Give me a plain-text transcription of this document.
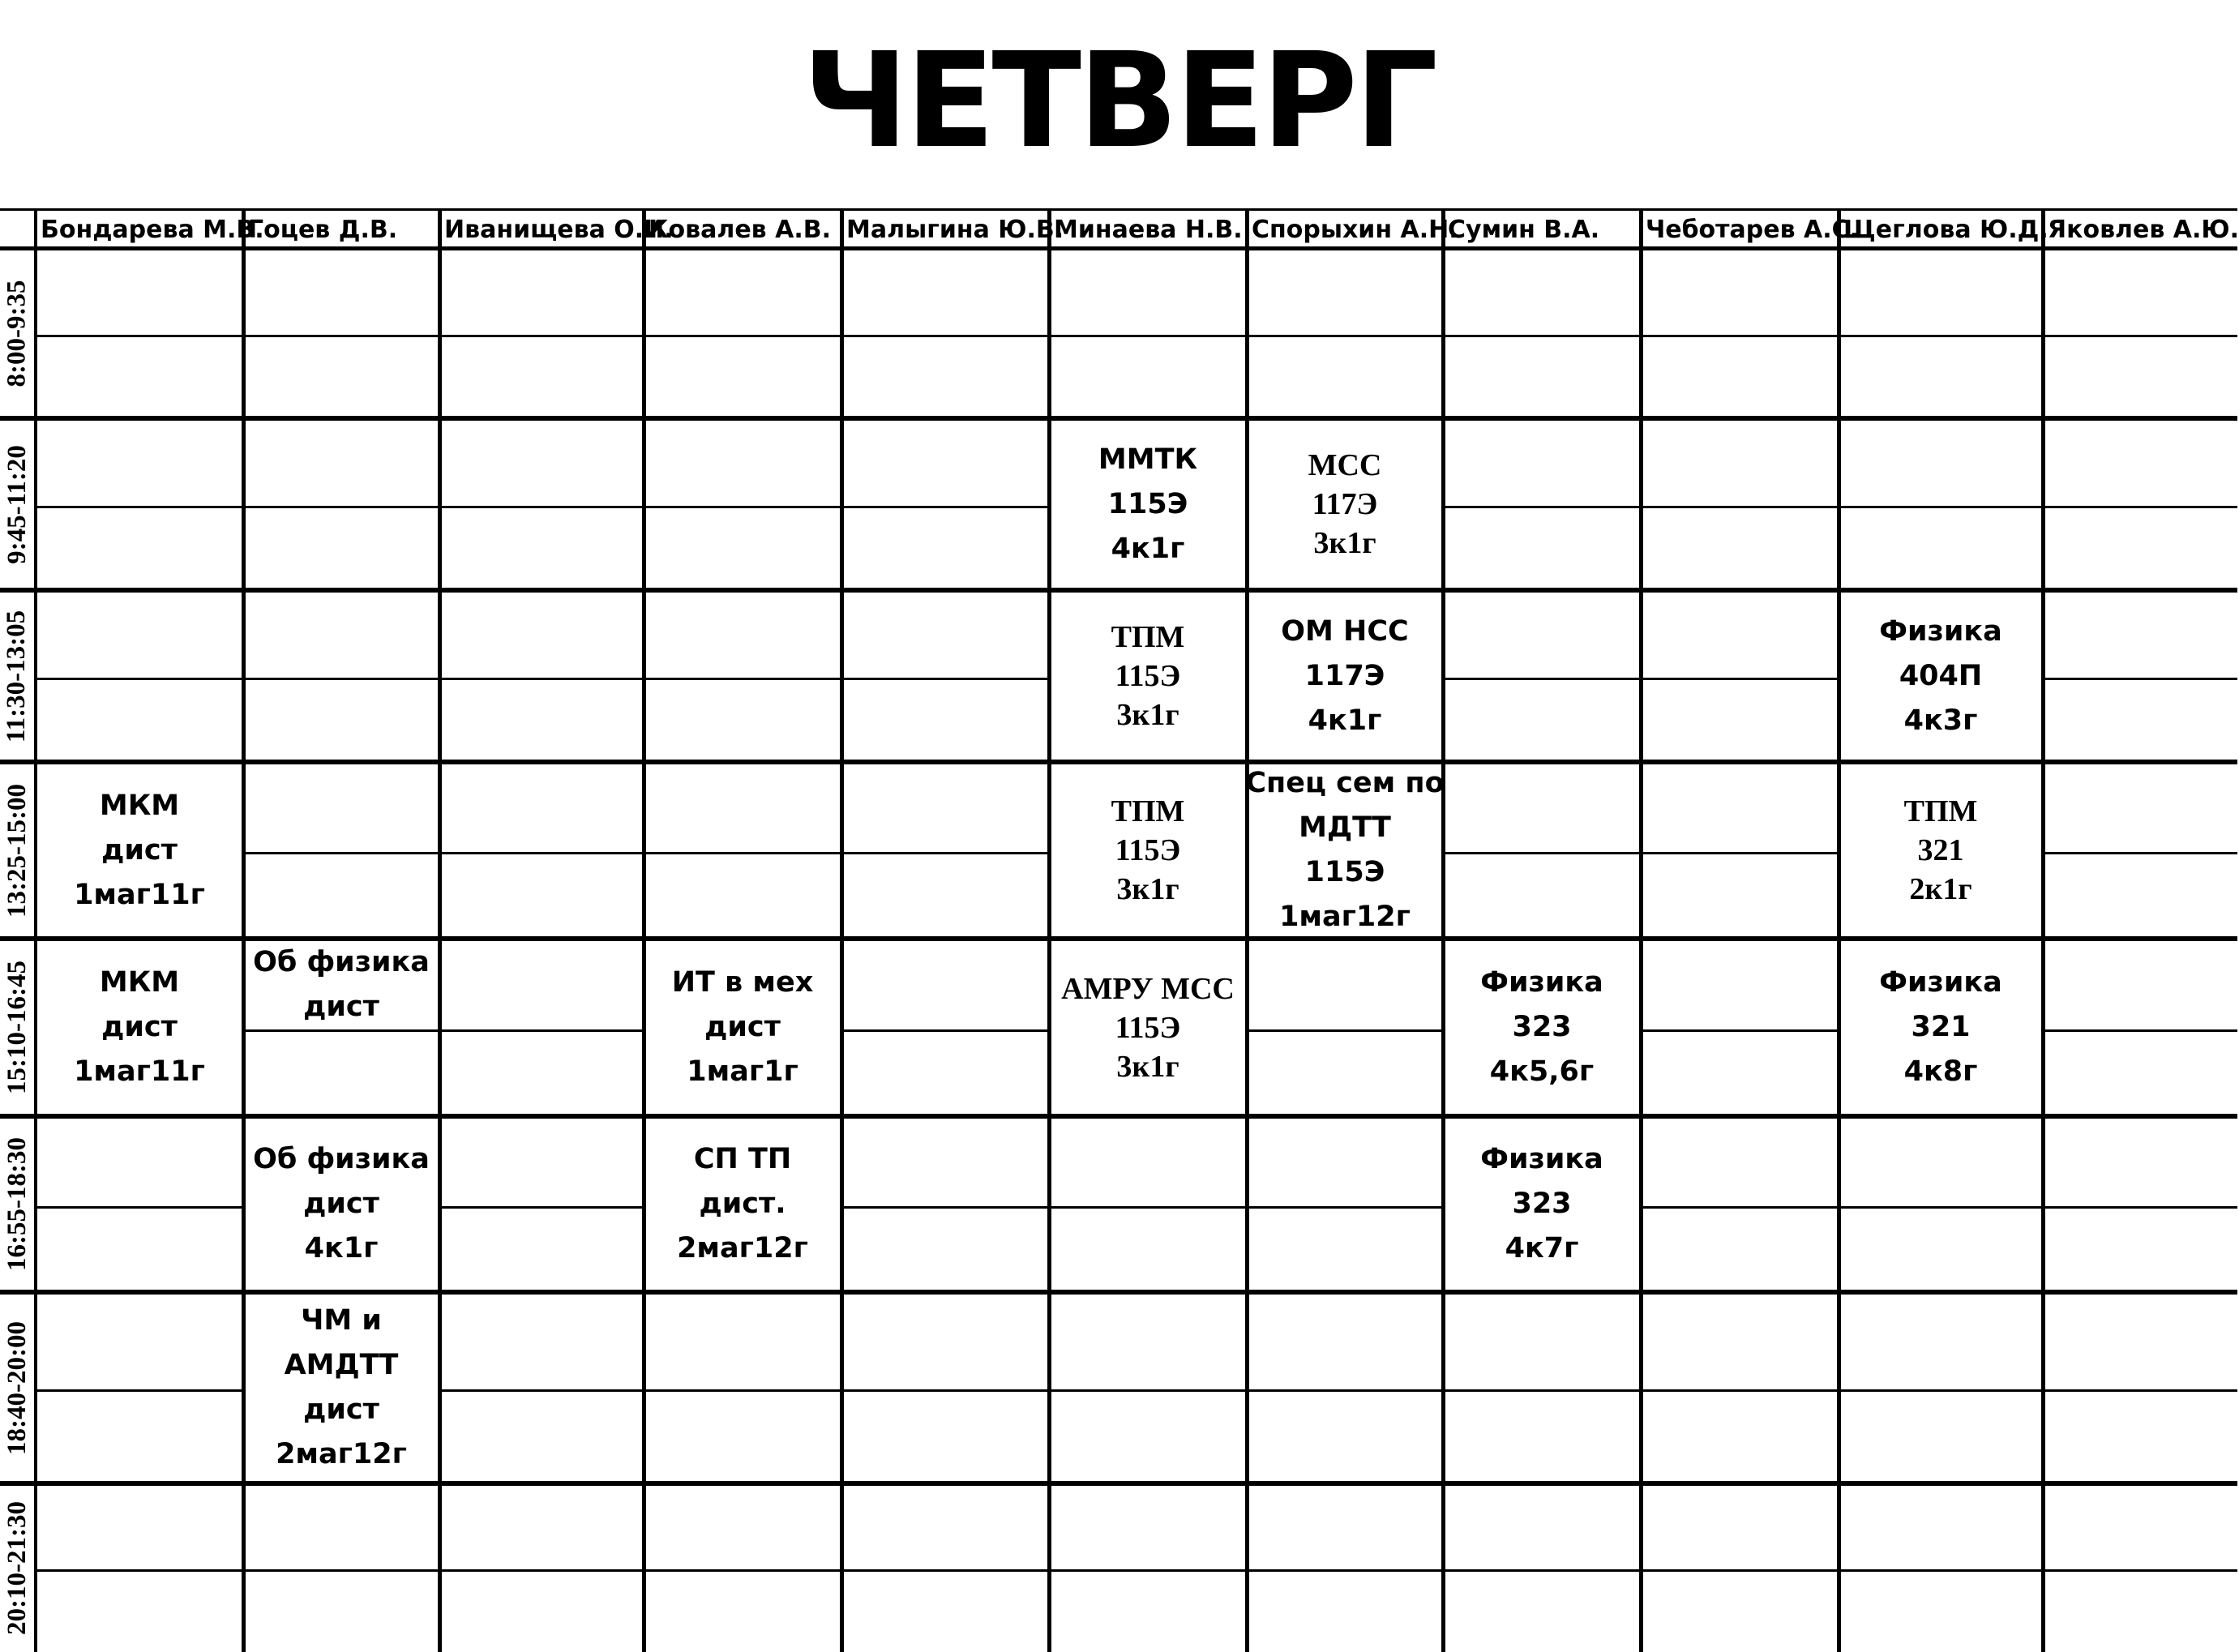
ЧЕТВЕРГ
Бондарева М.В.
Гоцев Д.В.	Иванищева О.И.
Ковалев А.В. Малыгина Ю.В.
Минаева Н.В. Спорыхин А.Н.
Сумин В.А.	Чеботарев А.С.
Щеглова Ю.Д. Яковлев А.Ю.
8:00-9:35
9:45-11:20
11:30-13:05
13:25-15:00
15:10-16:45
16:55-18:30
18:40-20:00
20:10-21:30
ММТК
115Э
4к1г
МСС
117Э
3к1г
ТПМ
115Э
3к1г
ОМ НСС
117Э
4к1г
Физика
404П
4к3г
МКМ
дист
1маг11г
ТПМ
115Э
3к1г
Спец сем по
МДТТ
115Э
1маг12г
ТПМ
321
2к1г
МКМ
дист
1маг11г
Об физика
дист
ИТ в мех
дист
1маг1г
АМРУ МСС
115Э
3к1г
Физика
323
4к5,6г
Физика
321
4к8г
Об физика
дист
4к1г
СП ТП
дист.
2маг12г
Физика
323
4к7г
ЧМ и
АМДТТ
дист
2маг12г
